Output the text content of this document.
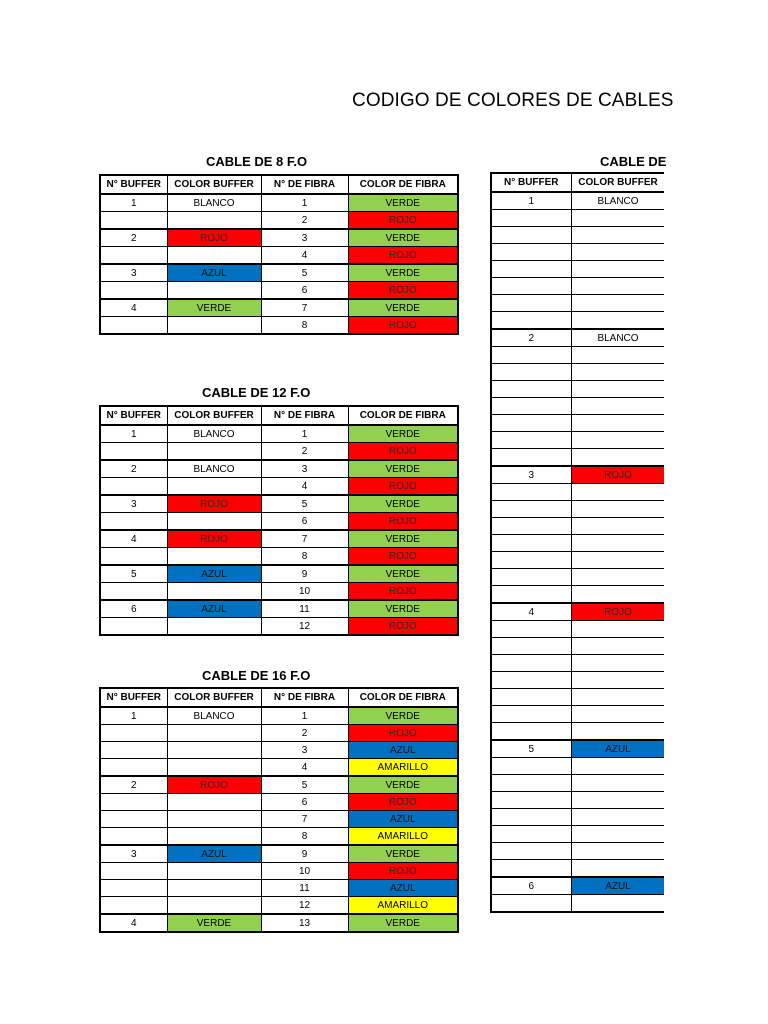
CODIGO DE COLORES DE CABLES
CABLE DE 8 F.O
N° BUFFER	COLOR BUFFER	N° DE FIBRA	COLOR DE FIBRA
1	BLANCO	1	VERDE
		2	ROJO
2	ROJO	3	VERDE
		4	ROJO
3	AZUL	5	VERDE
		6	ROJO
4	VERDE	7	VERDE
		8	ROJO
CABLE DE 12 F.O
N° BUFFER	COLOR BUFFER	N° DE FIBRA	COLOR DE FIBRA
1	BLANCO	1	VERDE
		2	ROJO
2	BLANCO	3	VERDE
		4	ROJO
3	ROJO	5	VERDE
		6	ROJO
4	ROJO	7	VERDE
		8	ROJO
5	AZUL	9	VERDE
		10	ROJO
6	AZUL	11	VERDE
		12	ROJO
CABLE DE 16 F.O
N° BUFFER	COLOR BUFFER	N° DE FIBRA	COLOR DE FIBRA
1	BLANCO	1	VERDE
		2	ROJO
		3	AZUL
		4	AMARILLO
2	ROJO	5	VERDE
		6	ROJO
		7	AZUL
		8	AMARILLO
3	AZUL	9	VERDE
		10	ROJO
		11	AZUL
		12	AMARILLO
4	VERDE	13	VERDE
CABLE DE
N° BUFFER	COLOR BUFFER
1	BLANCO

2	BLANCO

3	ROJO

4	ROJO

5	AZUL

6	AZUL
